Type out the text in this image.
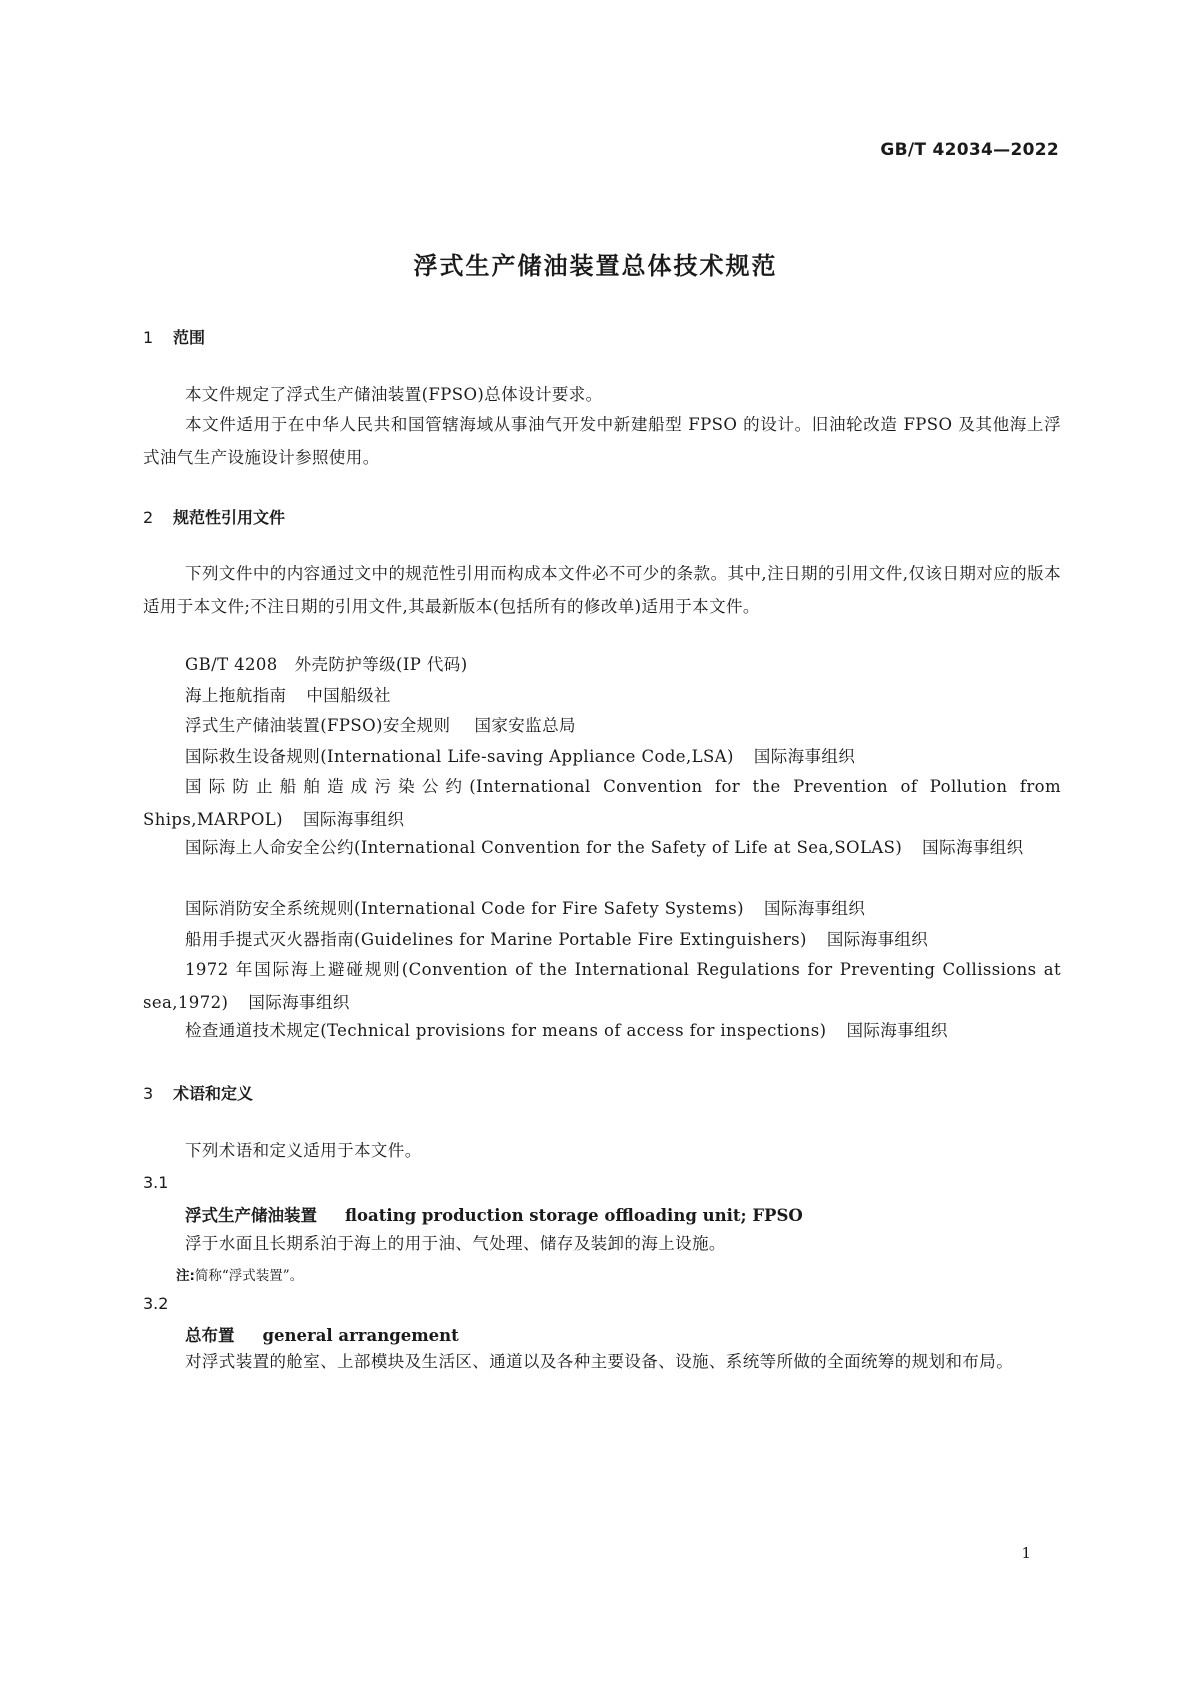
GB/T 42034—2022
浮式生产储油装置总体技术规范
1 范围
本文件规定了浮式生产储油装置(FPSO)总体设计要求。
本文件适用于在中华人民共和国管辖海域从事油气开发中新建船型 FPSO 的设计。旧油轮改造 FPSO 及其他海上浮式油气生产设施设计参照使用。
2 规范性引用文件
下列文件中的内容通过文中的规范性引用而构成本文件必不可少的条款。其中,注日期的引用文件,仅该日期对应的版本适用于本文件;不注日期的引用文件,其最新版本(包括所有的修改单)适用于本文件。
GB/T 4208　外壳防护等级(IP 代码)
海上拖航指南 中国船级社
浮式生产储油装置(FPSO)安全规则 国家安监总局
国际救生设备规则(International Life-saving Appliance Code,LSA) 国际海事组织
国际防止船舶造成污染公约(International Convention for the Prevention of Pollution from Ships,MARPOL) 国际海事组织
国际海上人命安全公约(International Convention for the Safety of Life at Sea,SOLAS) 国际海事组织
国际消防安全系统规则(International Code for Fire Safety Systems) 国际海事组织
船用手提式灭火器指南(Guidelines for Marine Portable Fire Extinguishers) 国际海事组织
1972 年国际海上避碰规则(Convention of the International Regulations for Preventing Collissions at sea,1972) 国际海事组织
检查通道技术规定(Technical provisions for means of access for inspections) 国际海事组织
3 术语和定义
下列术语和定义适用于本文件。
3.1
浮式生产储油装置 floating production storage offloading unit; FPSO
浮于水面且长期系泊于海上的用于油、气处理、储存及装卸的海上设施。
注:简称“浮式装置”。
3.2
总布置 general arrangement
对浮式装置的舱室、上部模块及生活区、通道以及各种主要设备、设施、系统等所做的全面统筹的规划和布局。
1
